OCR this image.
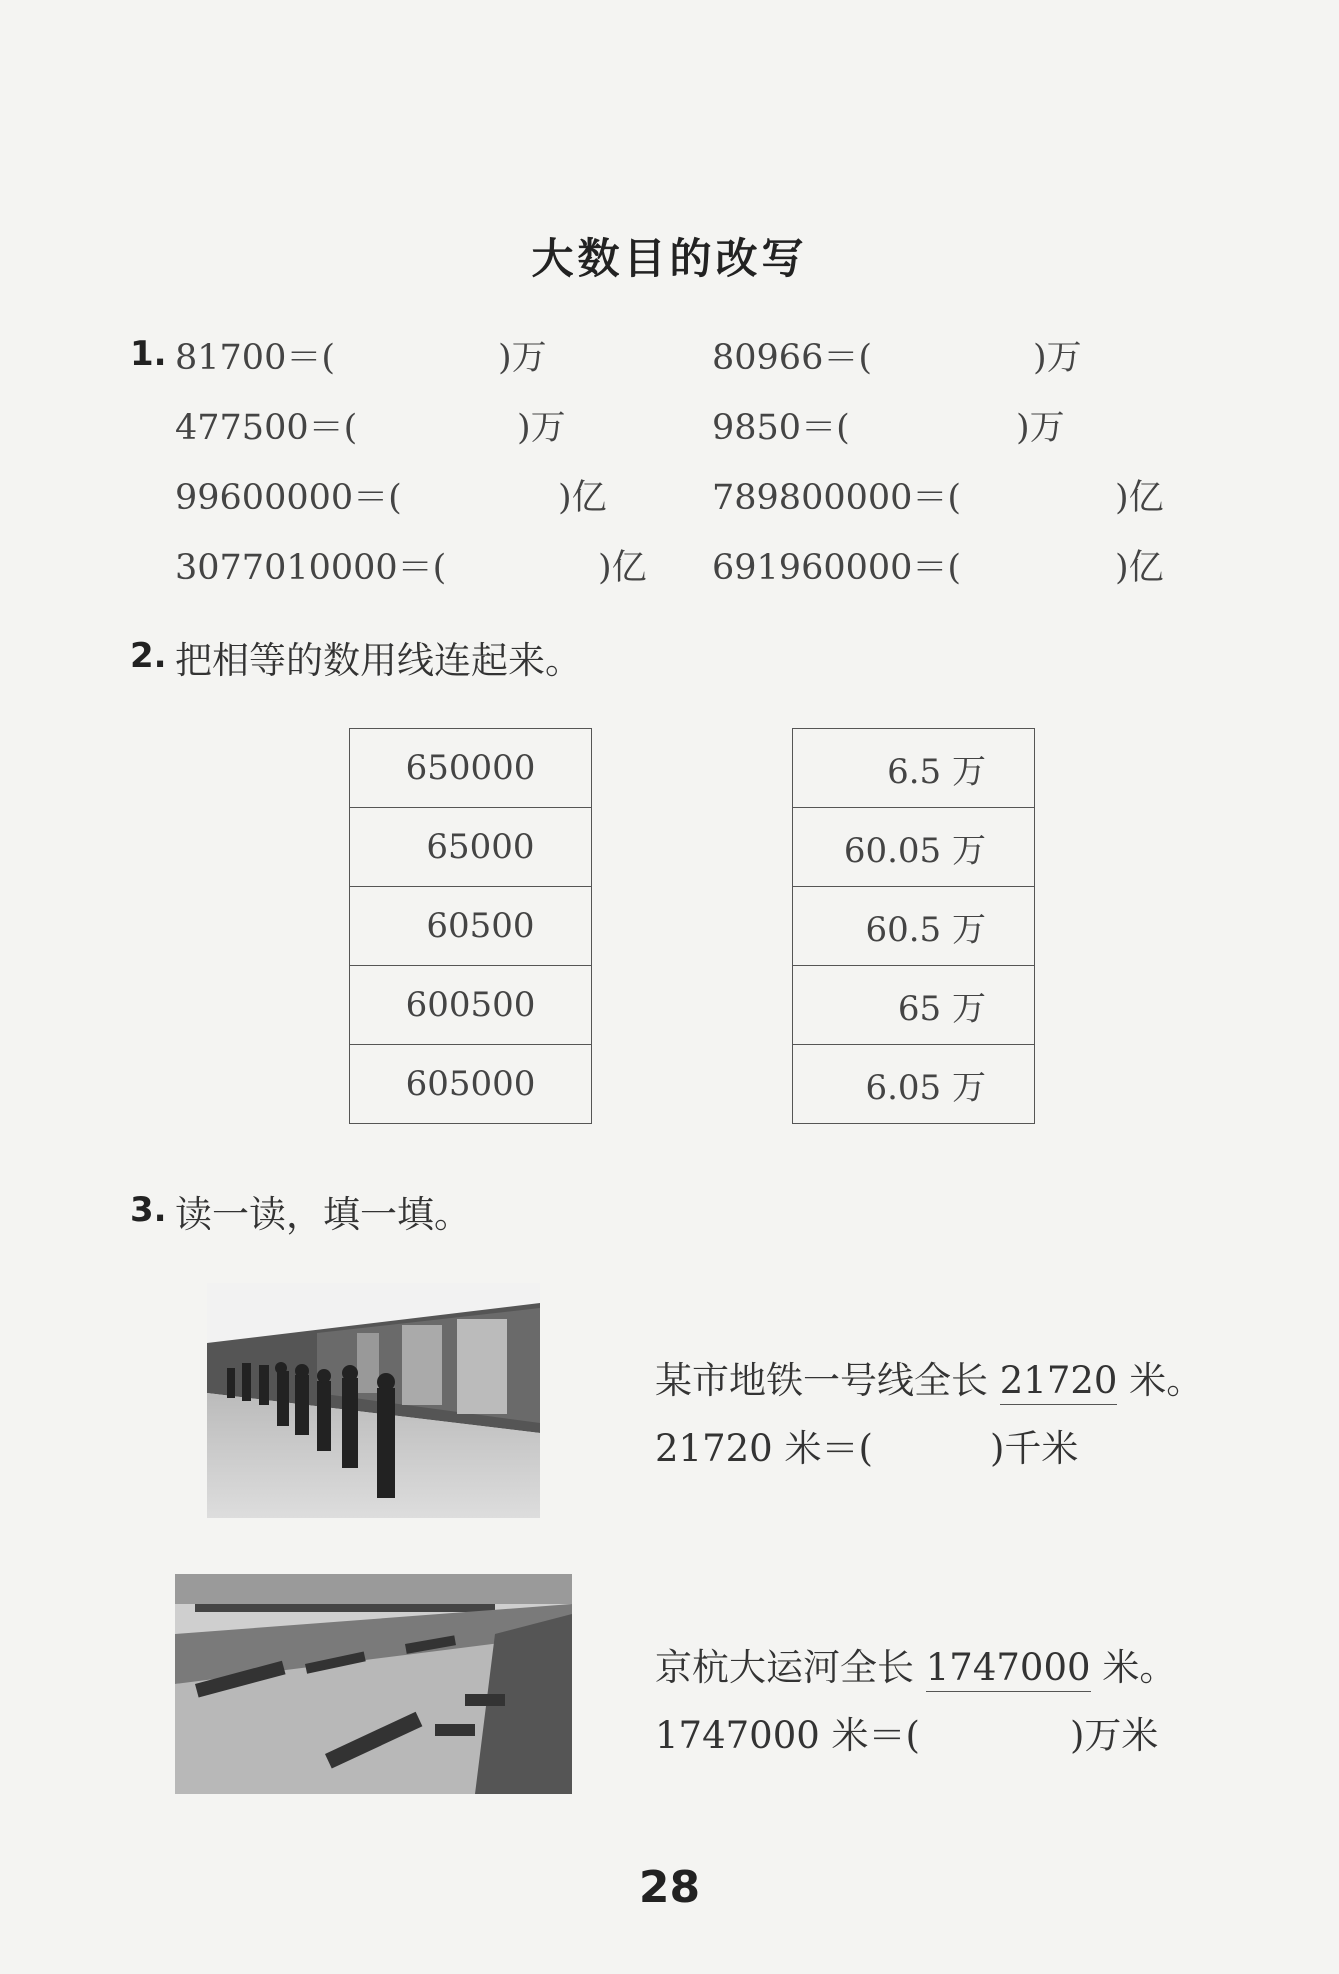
大数目的改写
1. 81700＝(	)万	80966＝(	)万
477500＝(	)万	9850＝(	)万
99600000＝(	)亿	789800000＝(	)亿
3077010000＝(	)亿 691960000＝(	)亿
2. 把相等的数用线连起来。
650000
65000
60500
600500
605000
6.5 万
60.05 万
60.5 万
65 万
6.05 万
3. 读一读，填一填。
某市地铁一号线全长 21720 米。
21720 米＝(	)千米
京杭大运河全长 1747000 米。
1747000 米＝(	)万米
28
